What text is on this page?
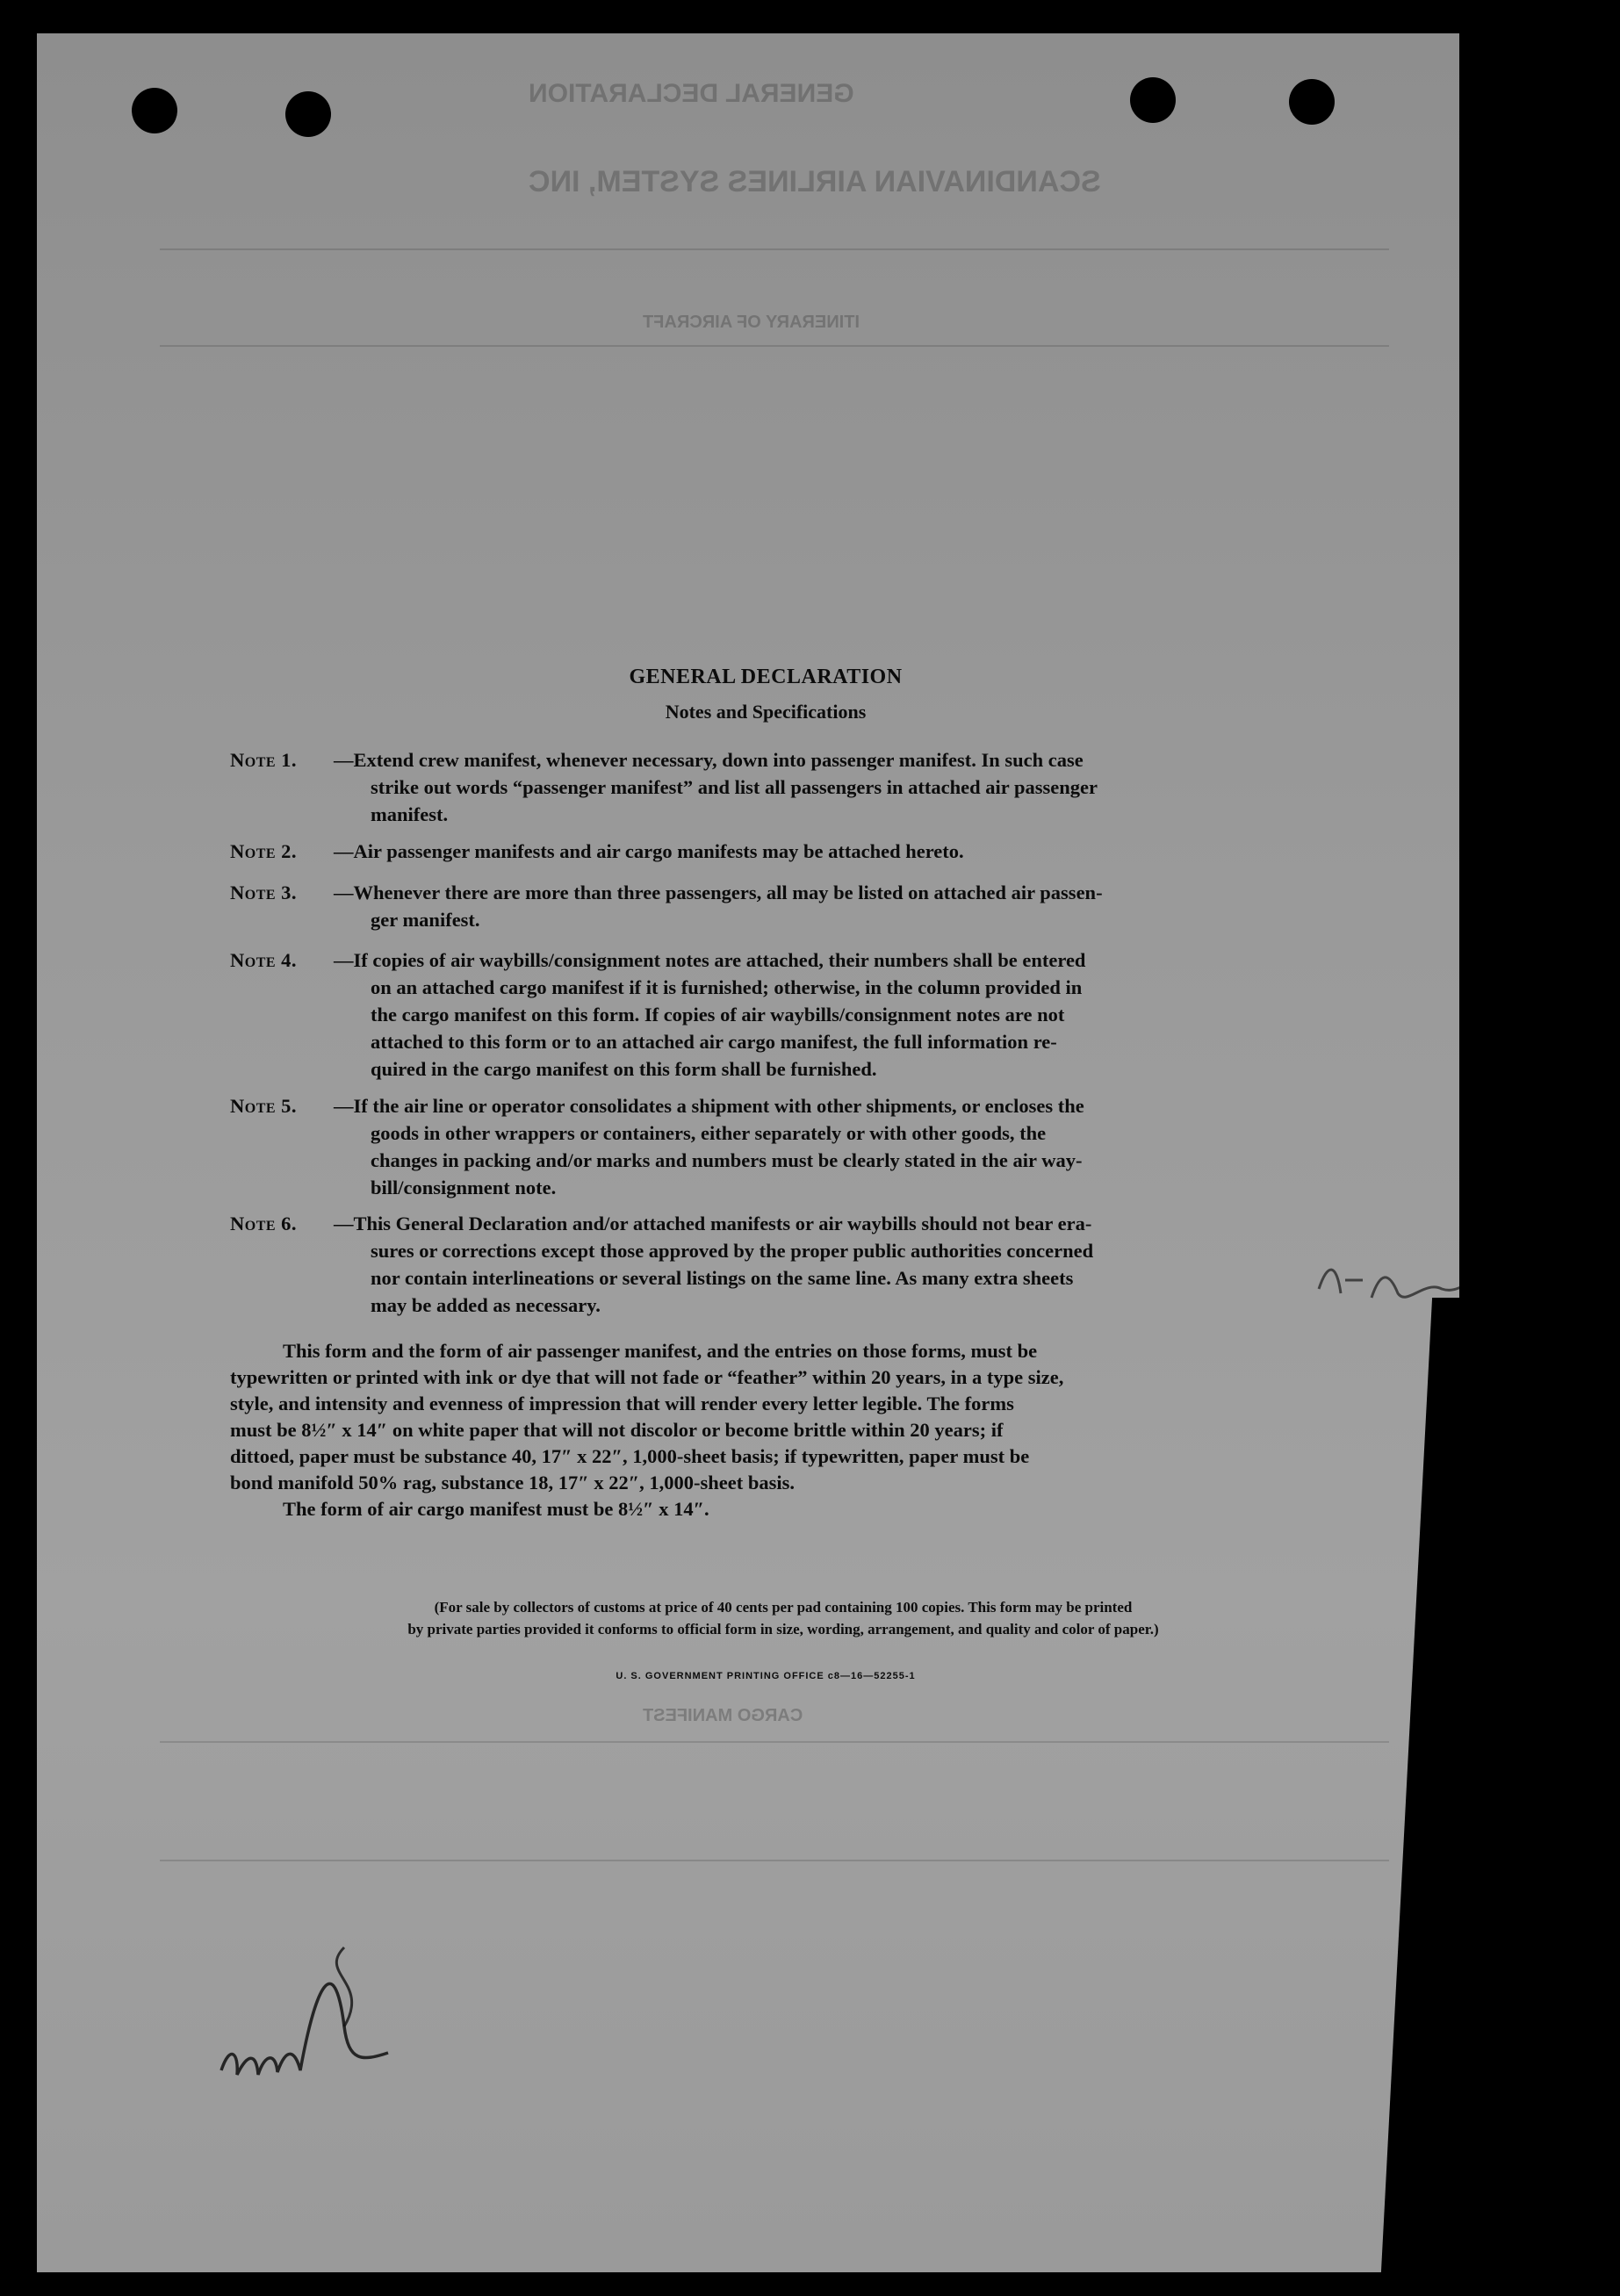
GENERAL DECLARATION
SCANDINAVIAN AIRLINES SYSTEM, INC
ITINERARY OF AIRCRAFT
CARGO MANIFEST
GENERAL DECLARATION
Notes and Specifications
Note 1.	—Extend crew manifest, whenever necessary, down into passenger manifest. In such case
strike out words “passenger manifest” and list all passengers in attached air passenger
manifest.
Note 2.	—Air passenger manifests and air cargo manifests may be attached hereto.
Note 3.	—Whenever there are more than three passengers, all may be listed on attached air passen-
ger manifest.
Note 4.	—If copies of air waybills/consignment notes are attached, their numbers shall be entered
on an attached cargo manifest if it is furnished; otherwise, in the column provided in
the cargo manifest on this form. If copies of air waybills/consignment notes are not
attached to this form or to an attached air cargo manifest, the full information re-
quired in the cargo manifest on this form shall be furnished.
Note 5.	—If the air line or operator consolidates a shipment with other shipments, or encloses the
goods in other wrappers or containers, either separately or with other goods, the
changes in packing and/or marks and numbers must be clearly stated in the air way-
bill/consignment note.
Note 6.	—This General Declaration and/or attached manifests or air waybills should not bear era-
sures or corrections except those approved by the proper public authorities concerned
nor contain interlineations or several listings on the same line. As many extra sheets
may be added as necessary.
This form and the form of air passenger manifest, and the entries on those forms, must be
typewritten or printed with ink or dye that will not fade or “feather” within 20 years, in a type size,
style, and intensity and evenness of impression that will render every letter legible. The forms
must be 8½″ x 14″ on white paper that will not discolor or become brittle within 20 years; if
dittoed, paper must be substance 40, 17″ x 22″, 1,000-sheet basis; if typewritten, paper must be
bond manifold 50% rag, substance 18, 17″ x 22″, 1,000-sheet basis.
The form of air cargo manifest must be 8½″ x 14″.
(For sale by collectors of customs at price of 40 cents per pad containing 100 copies. This form may be printed
by private parties provided it conforms to official form in size, wording, arrangement, and quality and color of paper.)
U. S. GOVERNMENT PRINTING OFFICE c8—16—52255-1
